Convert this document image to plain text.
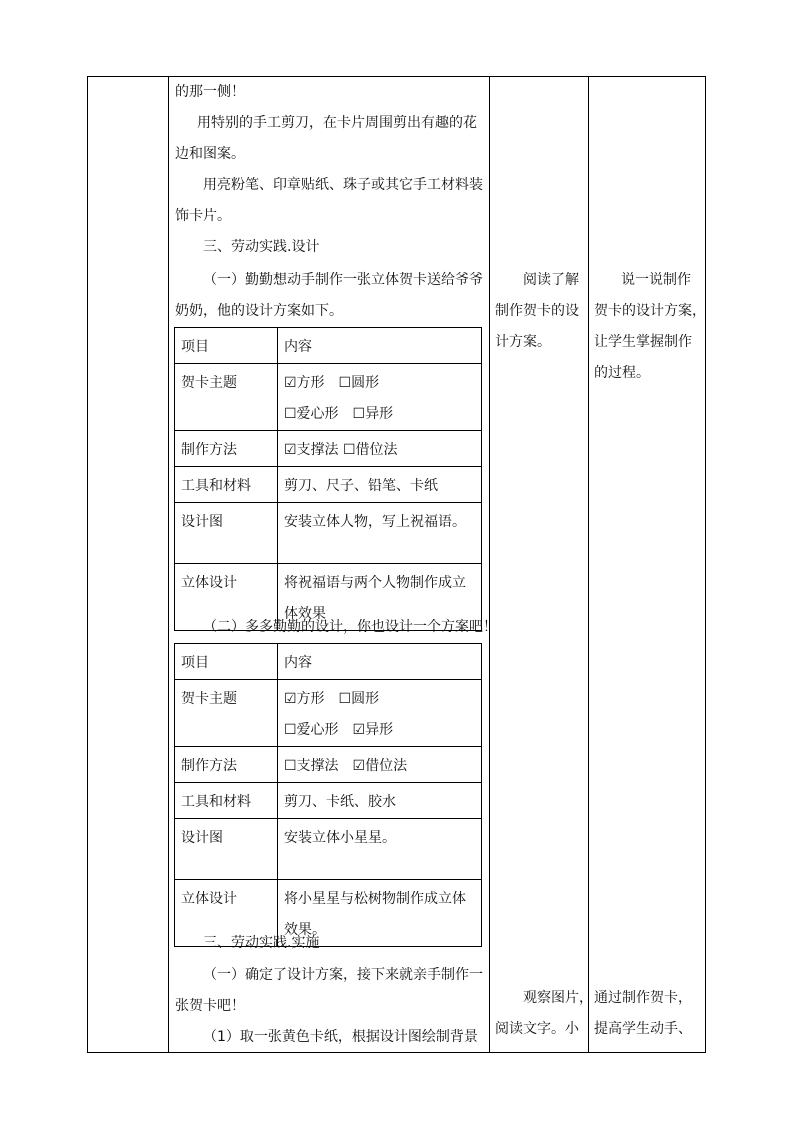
的那一侧！
用特别的手工剪刀，在卡片周围剪出有趣的花
边和图案。
用亮粉笔、印章贴纸、珠子或其它手工材料装
饰卡片。
三、劳动实践.设计
（一）勤勤想动手制作一张立体贺卡送给爷爷
奶奶，他的设计方案如下。
项目	内容
贺卡主题	☑方形　☐圆形
☐爱心形　☐异形

制作方法	☑支撑法 ☐借位法
工具和材料	剪刀、尺子、铅笔、卡纸
设计图	安装立体人物，写上祝福语。
立体设计	将祝福语与两个人物制作成立
体效果
（二）多多勤勤的设计，你也设计一个方案吧！
项目	内容
贺卡主题	☑方形　☐圆形
☐爱心形　☑异形

制作方法	☐支撑法　☑借位法
工具和材料	剪刀、卡纸、胶水
设计图	安装立体小星星。
立体设计	将小星星与松树物制作成立体
效果。
三、劳动实践.实施
（一）确定了设计方案，接下来就亲手制作一
张贺卡吧！
（1）取一张黄色卡纸，根据设计图绘制背景
阅读了解
制作贺卡的设
计方案。
观察图片，
阅读文字。小
说一说制作
贺卡的设计方案，
让学生掌握制作
的过程。
通过制作贺卡，
提高学生动手、
